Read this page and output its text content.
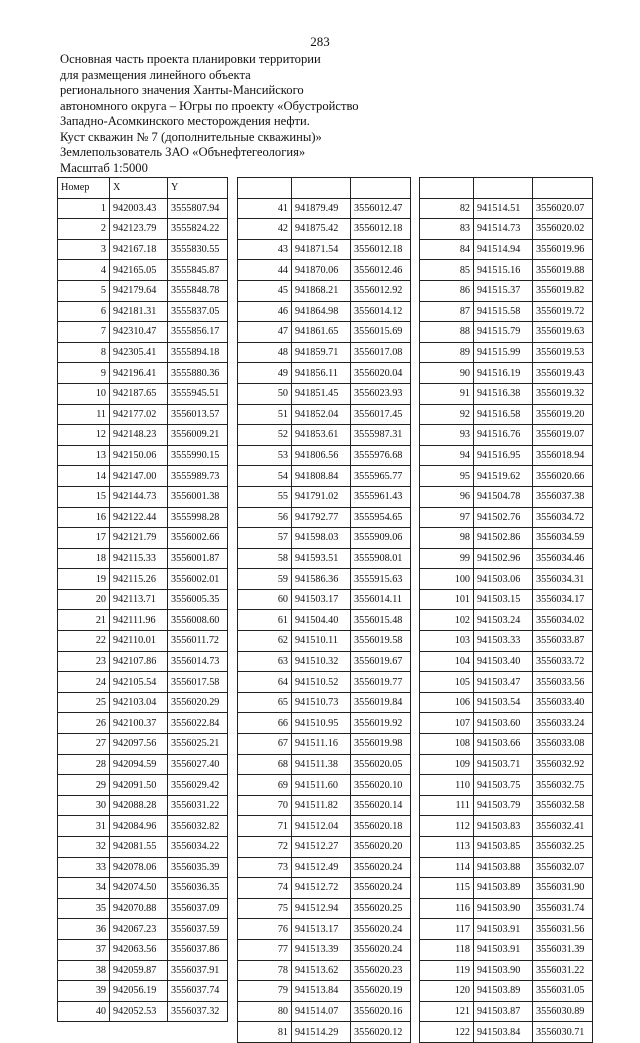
283
Основная часть проекта планировки территории
для размещения линейного объекта
регионального значения Ханты-Мансийского
автономного округа – Югры по проекту «Обустройство
Западно-Асомкинского месторождения нефти.
Куст скважин № 7 (дополнительные скважины)»
Землепользователь ЗАО «Обънефтегеология»
Масштаб 1:5000
Номер	X	Y
1	942003.43	3555807.94
2	942123.79	3555824.22
3	942167.18	3555830.55
4	942165.05	3555845.87
5	942179.64	3555848.78
6	942181.31	3555837.05
7	942310.47	3555856.17
8	942305.41	3555894.18
9	942196.41	3555880.36
10	942187.65	3555945.51
11	942177.02	3556013.57
12	942148.23	3556009.21
13	942150.06	3555990.15
14	942147.00	3555989.73
15	942144.73	3556001.38
16	942122.44	3555998.28
17	942121.79	3556002.66
18	942115.33	3556001.87
19	942115.26	3556002.01
20	942113.71	3556005.35
21	942111.96	3556008.60
22	942110.01	3556011.72
23	942107.86	3556014.73
24	942105.54	3556017.58
25	942103.04	3556020.29
26	942100.37	3556022.84
27	942097.56	3556025.21
28	942094.59	3556027.40
29	942091.50	3556029.42
30	942088.28	3556031.22
31	942084.96	3556032.82
32	942081.55	3556034.22
33	942078.06	3556035.39
34	942074.50	3556036.35
35	942070.88	3556037.09
36	942067.23	3556037.59
37	942063.56	3556037.86
38	942059.87	3556037.91
39	942056.19	3556037.74
40	942052.53	3556037.32

41	941879.49	3556012.47
42	941875.42	3556012.18
43	941871.54	3556012.18
44	941870.06	3556012.46
45	941868.21	3556012.92
46	941864.98	3556014.12
47	941861.65	3556015.69
48	941859.71	3556017.08
49	941856.11	3556020.04
50	941851.45	3556023.93
51	941852.04	3556017.45
52	941853.61	3555987.31
53	941806.56	3555976.68
54	941808.84	3555965.77
55	941791.02	3555961.43
56	941792.77	3555954.65
57	941598.03	3555909.06
58	941593.51	3555908.01
59	941586.36	3555915.63
60	941503.17	3556014.11
61	941504.40	3556015.48
62	941510.11	3556019.58
63	941510.32	3556019.67
64	941510.52	3556019.77
65	941510.73	3556019.84
66	941510.95	3556019.92
67	941511.16	3556019.98
68	941511.38	3556020.05
69	941511.60	3556020.10
70	941511.82	3556020.14
71	941512.04	3556020.18
72	941512.27	3556020.20
73	941512.49	3556020.24
74	941512.72	3556020.24
75	941512.94	3556020.25
76	941513.17	3556020.24
77	941513.39	3556020.24
78	941513.62	3556020.23
79	941513.84	3556020.19
80	941514.07	3556020.16
81	941514.29	3556020.12

82	941514.51	3556020.07
83	941514.73	3556020.02
84	941514.94	3556019.96
85	941515.16	3556019.88
86	941515.37	3556019.82
87	941515.58	3556019.72
88	941515.79	3556019.63
89	941515.99	3556019.53
90	941516.19	3556019.43
91	941516.38	3556019.32
92	941516.58	3556019.20
93	941516.76	3556019.07
94	941516.95	3556018.94
95	941519.62	3556020.66
96	941504.78	3556037.38
97	941502.76	3556034.72
98	941502.86	3556034.59
99	941502.96	3556034.46
100	941503.06	3556034.31
101	941503.15	3556034.17
102	941503.24	3556034.02
103	941503.33	3556033.87
104	941503.40	3556033.72
105	941503.47	3556033.56
106	941503.54	3556033.40
107	941503.60	3556033.24
108	941503.66	3556033.08
109	941503.71	3556032.92
110	941503.75	3556032.75
111	941503.79	3556032.58
112	941503.83	3556032.41
113	941503.85	3556032.25
114	941503.88	3556032.07
115	941503.89	3556031.90
116	941503.90	3556031.74
117	941503.91	3556031.56
118	941503.91	3556031.39
119	941503.90	3556031.22
120	941503.89	3556031.05
121	941503.87	3556030.89
122	941503.84	3556030.71
